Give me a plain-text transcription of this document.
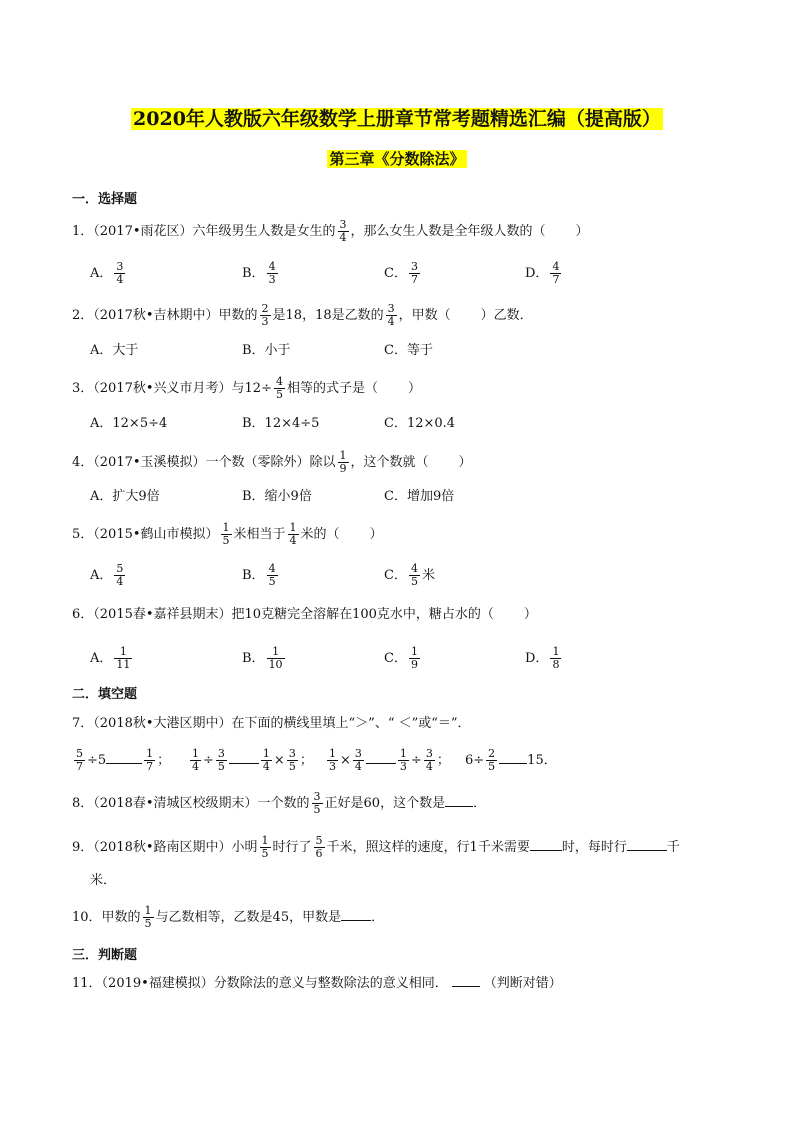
2020年人教版六年级数学上册章节常考题精选汇编（提高版）
第三章《分数除法》
一．选择题
1．（2017•雨花区）六年级男生人数是女生的 $\frac{3}{4}$ ，那么女生人数是全年级人数的（ ）
A． $\frac{3}{4}$	B． $\frac{4}{3}$	C． $\frac{3}{7}$	D． $\frac{4}{7}$
2．（2017秋•吉林期中）甲数的 $\frac{2}{3}$ 是18，18是乙数的 $\frac{3}{4}$ ，甲数（ ）乙数．
A．大于	B．小于	C．等于
3．（2017秋•兴义市月考）与$12\div \frac{4}{5}$ 相等的式子是（ ）
A．12×5÷4	B．12×4÷5	C．12×0.4
4．（2017•玉溪模拟）一个数（零除外）除以 $\frac{1}{9}$ ，这个数就（ ）
A．扩大9倍	B．缩小9倍	C．增加9倍
5．（2015•鹤山市模拟） $\frac{1}{5}$ 米相当于 $\frac{1}{4}$ 米的（ ）
A． $\frac{5}{4}$	B． $\frac{4}{5}$	C． $\frac{4}{5}$ 米
6．（2015春•嘉祥县期末）把10克糖完全溶解在100克水中，糖占水的（ ）
A． $\frac{1}{11}$	B． $\frac{1}{10}$	C． $\frac{1}{9}$	D． $\frac{1}{8}$
二．填空题
7．（2018秋•大港区期中）在下面的横线里填上“＞”、“ ＜”或“＝”．
$\frac{5}{7} \div 5$	$\frac{1}{7}$ ； $\frac{1}{4} \div \frac{3}{5}$	$\frac{1}{4} \times \frac{3}{5}$ ； $\frac{1}{3} \times \frac{3}{4}$	$\frac{1}{3} \div \frac{3}{4}$ ； $6\div \frac{2}{5} 15$．
8．（2018春•清城区校级期末）一个数的 $\frac{3}{5}$ 正好是60，这个数是 ．
9．（2018秋•路南区期中）小明 $\frac{1}{5}$ 时行了 $\frac{5}{6}$ 千米，照这样的速度，行1千米需要 时，每时行	千
米．
10．甲数的 $\frac{1}{5}$ 与乙数相等，乙数是45，甲数是 ．
三．判断题
11．（2019•福建模拟）分数除法的意义与整数除法的意义相同．	（判断对错）
